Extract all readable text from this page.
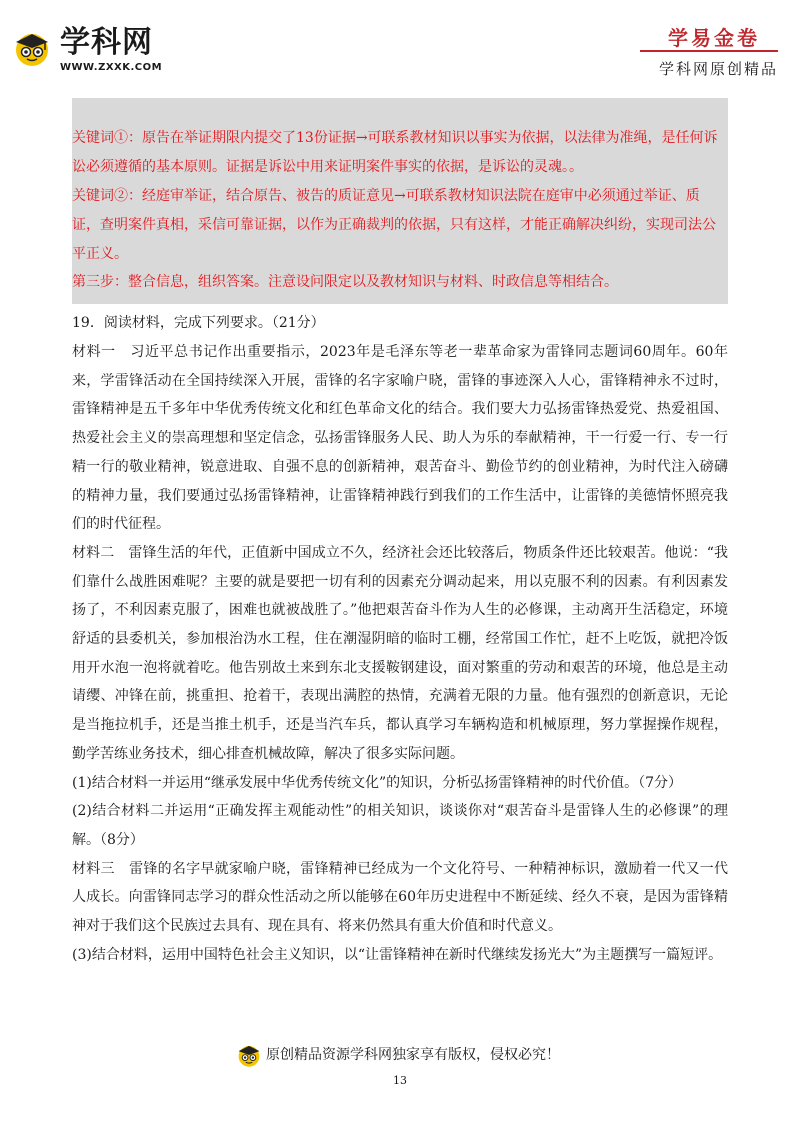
学科网
WWW.ZXXK.COM
学易金卷
学科网原创精品

关键词①：原告在举证期限内提交了13份证据→可联系教材知识以事实为依据，以法律为准绳，是任何诉讼必须遵循的基本原则。证据是诉讼中用来证明案件事实的依据，是诉讼的灵魂。。

关键词②：经庭审举证，结合原告、被告的质证意见→可联系教材知识法院在庭审中必须通过举证、质证，查明案件真相，采信可靠证据，以作为正确裁判的依据，只有这样，才能正确解决纠纷，实现司法公平正义。

第三步：整合信息，组织答案。注意设问限定以及教材知识与材料、时政信息等相结合。

19．阅读材料，完成下列要求。（21分）

材料一　习近平总书记作出重要指示，2023年是毛泽东等老一辈革命家为雷锋同志题词60周年。60年来，学雷锋活动在全国持续深入开展，雷锋的名字家喻户晓，雷锋的事迹深入人心，雷锋精神永不过时，雷锋精神是五千多年中华优秀传统文化和红色革命文化的结合。我们要大力弘扬雷锋热爱党、热爱祖国、热爱社会主义的崇高理想和坚定信念，弘扬雷锋服务人民、助人为乐的奉献精神，干一行爱一行、专一行精一行的敬业精神，锐意进取、自强不息的创新精神，艰苦奋斗、勤俭节约的创业精神，为时代注入磅礴的精神力量，我们要通过弘扬雷锋精神，让雷锋精神践行到我们的工作生活中，让雷锋的美德情怀照亮我们的时代征程。

材料二　雷锋生活的年代，正值新中国成立不久，经济社会还比较落后，物质条件还比较艰苦。他说：“我们靠什么战胜困难呢？主要的就是要把一切有利的因素充分调动起来，用以克服不利的因素。有利因素发扬了，不利因素克服了，困难也就被战胜了。”他把艰苦奋斗作为人生的必修课，主动离开生活稳定，环境舒适的县委机关，参加根治沩水工程，住在潮湿阴暗的临时工棚，经常国工作忙，赶不上吃饭，就把冷饭用开水泡一泡将就着吃。他告别故土来到东北支援鞍钢建设，面对繁重的劳动和艰苦的环境，他总是主动请缨、冲锋在前，挑重担、抢着干，表现出满腔的热情，充满着无限的力量。他有强烈的创新意识，无论是当拖拉机手，还是当推土机手，还是当汽车兵，都认真学习车辆构造和机械原理，努力掌握操作规程，勤学苦练业务技术，细心排查机械故障，解决了很多实际问题。

(1)结合材料一并运用“继承发展中华优秀传统文化”的知识，分析弘扬雷锋精神的时代价值。（7分）

(2)结合材料二并运用“正确发挥主观能动性”的相关知识，谈谈你对“艰苦奋斗是雷锋人生的必修课”的理解。（8分）

材料三　雷锋的名字早就家喻户晓，雷锋精神已经成为一个文化符号、一种精神标识，激励着一代又一代人成长。向雷锋同志学习的群众性活动之所以能够在60年历史进程中不断延续、经久不衰，是因为雷锋精神对于我们这个民族过去具有、现在具有、将来仍然具有重大价值和时代意义。

(3)结合材料，运用中国特色社会主义知识，以“让雷锋精神在新时代继续发扬光大”为主题撰写一篇短评。

原创精品资源学科网独家享有版权，侵权必究！
13
